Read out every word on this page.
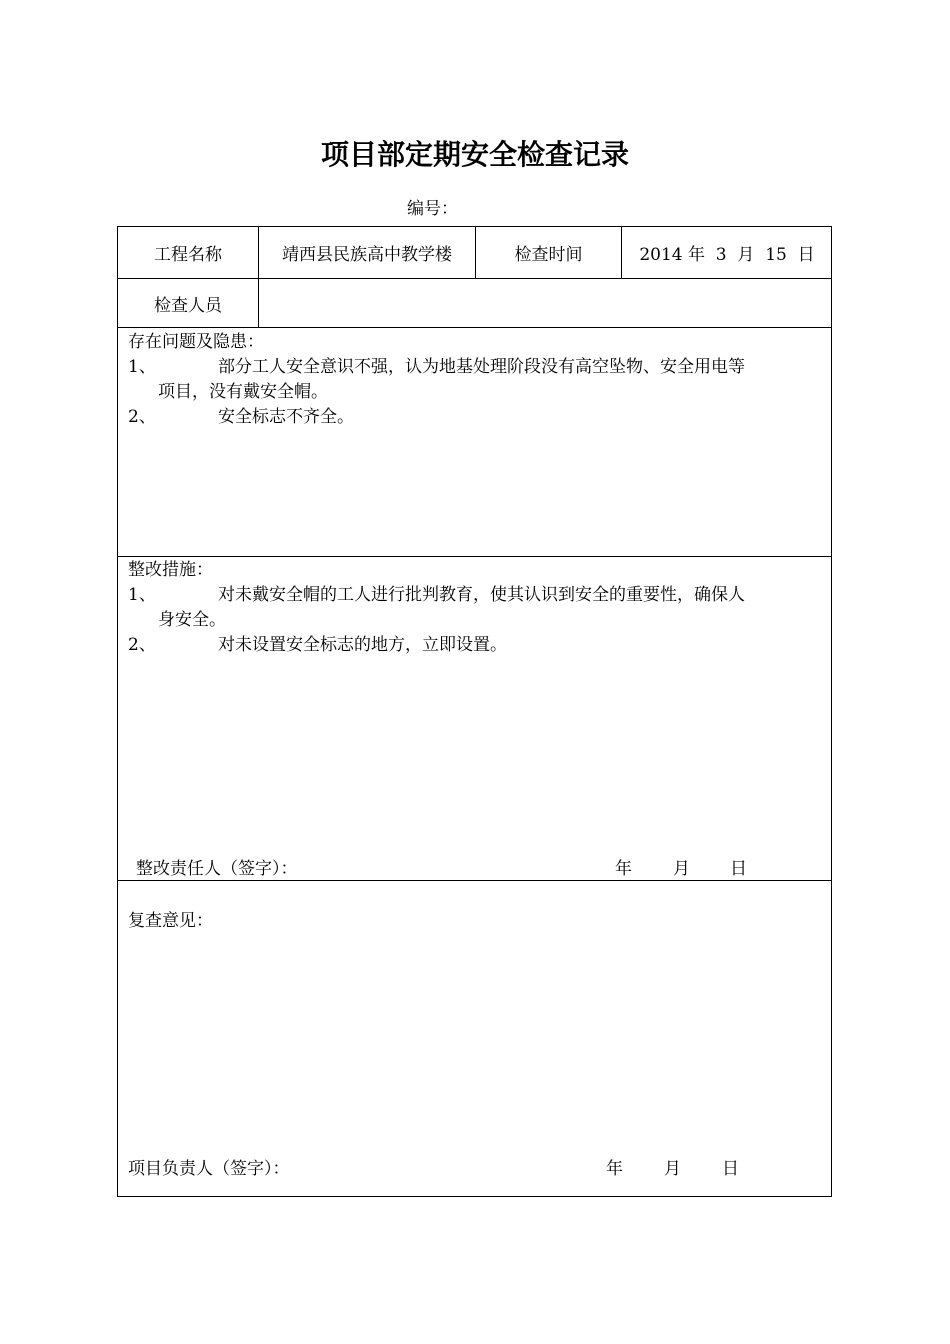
项目部定期安全检查记录
编号：
工程名称	靖西县民族高中教学楼	检查时间	2014 年  3  月  15  日
检查人员
存在问题及隐患：
1、	部分工人安全意识不强，认为地基处理阶段没有高空坠物、安全用电等
项目，没有戴安全帽。
2、	安全标志不齐全。
整改措施：
1、	对未戴安全帽的工人进行批判教育，使其认识到安全的重要性，确保人
身安全。
2、	对未设置安全标志的地方，立即设置。
整改责任人（签字）：	年 月 日
复查意见：
项目负责人（签字）：	年 月 日
